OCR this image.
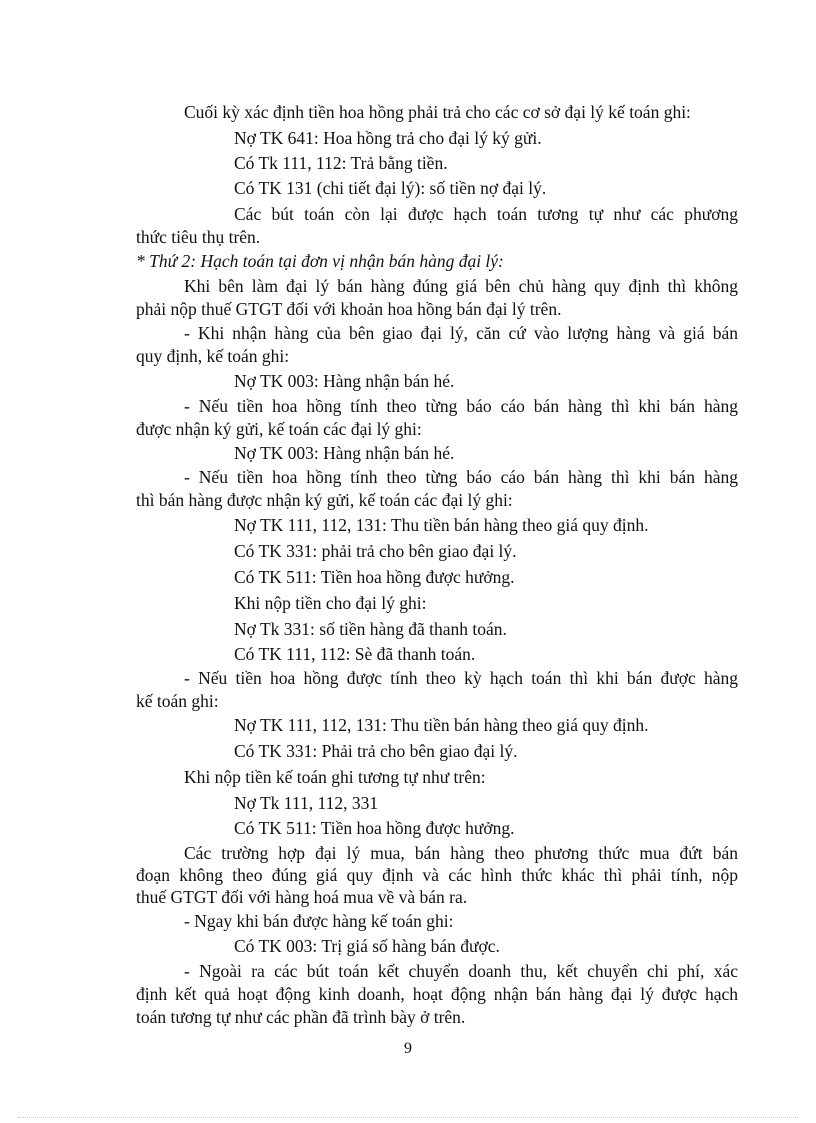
Cuối kỳ xác định tiền hoa hồng phải trả cho các cơ sở đại lý kế toán ghi:
Nợ TK 641: Hoa hồng trả cho đại lý ký gửi.
Có Tk 111, 112: Trả bằng tiền.
Có TK 131 (chi tiết đại lý): số tiền nợ đại lý.
Các bút toán còn lại được hạch toán tương tự như các phương
thức tiêu thụ trên.
* Thứ 2: Hạch toán tại đơn vị nhận bán hàng đại lý:
Khi bên làm đại lý bán hàng đúng giá bên chủ hàng quy định thì không
phải nộp thuế GTGT đối với khoản hoa hồng bán đại lý trên.
- Khi nhận hàng của bên giao đại lý, căn cứ vào lượng hàng và giá bán
quy định, kế toán ghi:
Nợ TK 003: Hàng nhận bán hé.
- Nếu tiền hoa hồng tính theo từng báo cáo bán hàng thì khi bán hàng
được nhận ký gửi, kế toán các đại lý ghi:
Nợ TK 003: Hàng nhận bán hé.
- Nếu tiền hoa hồng tính theo từng báo cáo bán hàng thì khi bán hàng
thì bán hàng được nhận ký gửi, kế toán các đại lý ghi:
Nợ TK 111, 112, 131: Thu tiền bán hàng theo giá quy định.
Có TK 331: phải trả cho bên giao đại lý.
Có TK 511: Tiền hoa hồng được hưởng.
Khi nộp tiền cho đại lý ghi:
Nợ Tk 331: số tiền hàng đã thanh toán.
Có TK 111, 112: Sè đã thanh toán.
- Nếu tiền hoa hồng được tính theo kỳ hạch toán thì khi bán được hàng
kế toán ghi:
Nợ TK 111, 112, 131: Thu tiền bán hàng theo giá quy định.
Có TK 331: Phải trả cho bên giao đại lý.
Khi nộp tiền kế toán ghi tương tự như trên:
Nợ Tk 111, 112, 331
Có TK 511: Tiền hoa hồng được hưởng.
Các trường hợp đại lý mua, bán hàng theo phương thức mua đứt bán
đoạn không theo đúng giá quy định và các hình thức khác thì phải tính, nộp
thuế GTGT đối với hàng hoá mua về và bán ra.
- Ngay khi bán được hàng kế toán ghi:
Có TK 003: Trị giá số hàng bán được.
- Ngoài ra các bút toán kết chuyển doanh thu, kết chuyển chi phí, xác
định kết quả hoạt động kinh doanh, hoạt động nhận bán hàng đại lý được hạch
toán tương tự như các phần đã trình bày ở trên.
9
